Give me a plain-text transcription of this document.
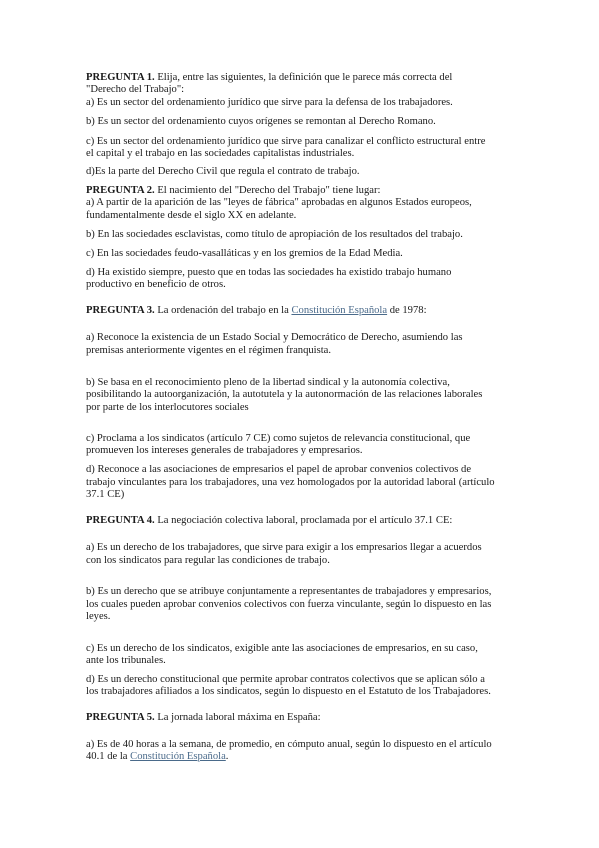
PREGUNTA 1. Elija, entre las siguientes, la definición que le parece más correcta del
"Derecho del Trabajo":
a) Es un sector del ordenamiento jurídico que sirve para la defensa de los trabajadores.
b) Es un sector del ordenamiento cuyos orígenes se remontan al Derecho Romano.
c) Es un sector del ordenamiento jurídico que sirve para canalizar el conflicto estructural entre
el capital y el trabajo en las sociedades capitalistas industriales.
d)Es la parte del Derecho Civil que regula el contrato de trabajo.
PREGUNTA 2. El nacimiento del "Derecho del Trabajo" tiene lugar:
a) A partir de la aparición de las "leyes de fábrica" aprobadas en algunos Estados europeos,
fundamentalmente desde el siglo XX en adelante.
b) En las sociedades esclavistas, como título de apropiación de los resultados del trabajo.
c) En las sociedades feudo-vasalláticas y en los gremios de la Edad Media.
d) Ha existido siempre, puesto que en todas las sociedades ha existido trabajo humano
productivo en beneficio de otros.
PREGUNTA 3. La ordenación del trabajo en la Constitución Española de 1978:
a) Reconoce la existencia de un Estado Social y Democrático de Derecho, asumiendo las
premisas anteriormente vigentes en el régimen franquista.
b) Se basa en el reconocimiento pleno de la libertad sindical y la autonomía colectiva,
posibilitando la autoorganización, la autotutela y la autonormación de las relaciones laborales
por parte de los interlocutores sociales
c) Proclama a los sindicatos (artículo 7 CE) como sujetos de relevancia constitucional, que
promueven los intereses generales de trabajadores y empresarios.
d) Reconoce a las asociaciones de empresarios el papel de aprobar convenios colectivos de
trabajo vinculantes para los trabajadores, una vez homologados por la autoridad laboral (artículo
37.1 CE)
PREGUNTA 4. La negociación colectiva laboral, proclamada por el artículo 37.1 CE:
a) Es un derecho de los trabajadores, que sirve para exigir a los empresarios llegar a acuerdos
con los sindicatos para regular las condiciones de trabajo.
b) Es un derecho que se atribuye conjuntamente a representantes de trabajadores y empresarios,
los cuales pueden aprobar convenios colectivos con fuerza vinculante, según lo dispuesto en las
leyes.
c) Es un derecho de los sindicatos, exigible ante las asociaciones de empresarios, en su caso,
ante los tribunales.
d) Es un derecho constitucional que permite aprobar contratos colectivos que se aplican sólo a
los trabajadores afiliados a los sindicatos, según lo dispuesto en el Estatuto de los Trabajadores.
PREGUNTA 5. La jornada laboral máxima en España:
a) Es de 40 horas a la semana, de promedio, en cómputo anual, según lo dispuesto en el artículo
40.1 de la Constitución Española.
